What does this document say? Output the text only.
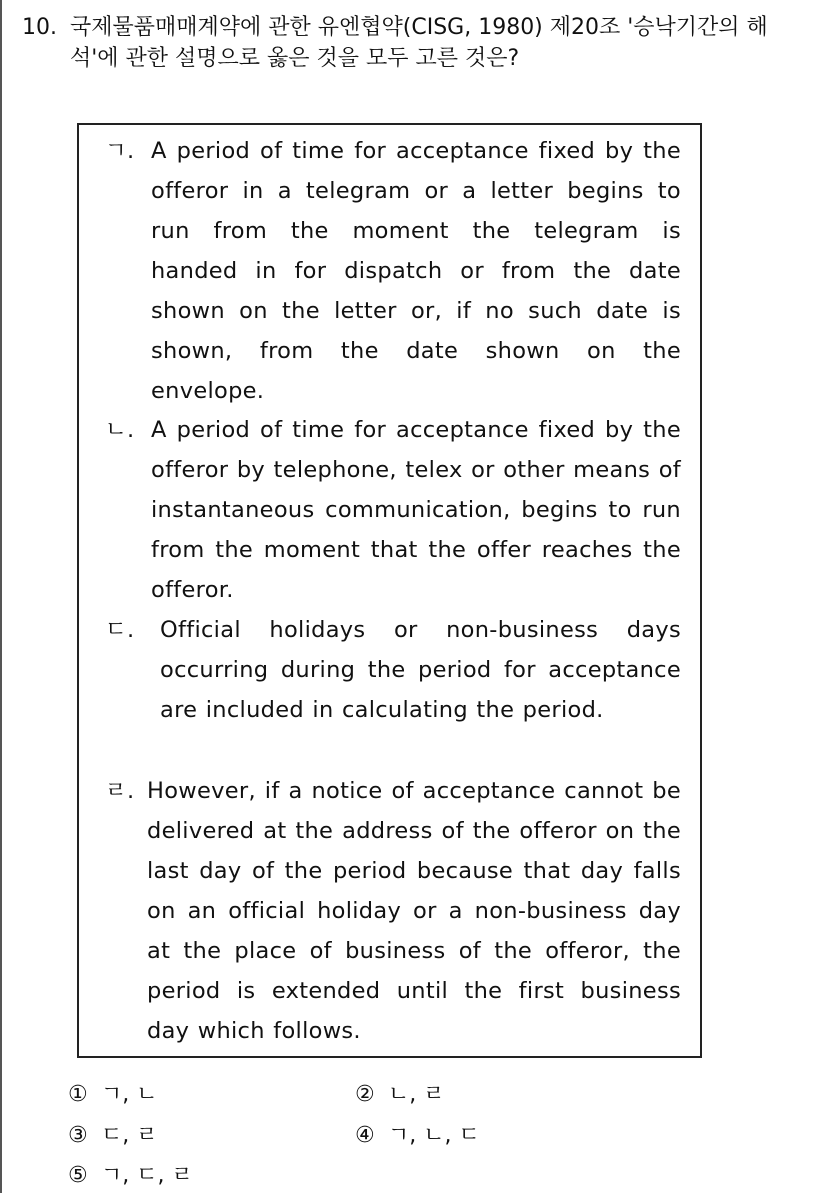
10. 국제물품매매계약에 관한 유엔협약(CISG, 1980) 제20조 '승낙기간의 해석'에 관한 설명으로 옳은 것을 모두 고른 것은?
ㄱ. A period of time for acceptance fixed by the offeror in a telegram or a letter begins to run from the moment the telegram is handed in for dispatch or from the date shown on the letter or, if no such date is shown, from the date shown on the envelope.
ㄴ. A period of time for acceptance fixed by the offeror by telephone, telex or other means of instantaneous communication, begins to run from the moment that the offer reaches the offeror.
ㄷ. Official holidays or non-business days occurring during the period for acceptance are included in calculating the period.
ㄹ. However, if a notice of acceptance cannot be delivered at the address of the offeror on the last day of the period because that day falls on an official holiday or a non-business day at the place of business of the offeror, the period is extended until the first business day which follows.
① ㄱ, ㄴ	② ㄴ, ㄹ
③ ㄷ, ㄹ	④ ㄱ, ㄴ, ㄷ
⑤ ㄱ, ㄷ, ㄹ
